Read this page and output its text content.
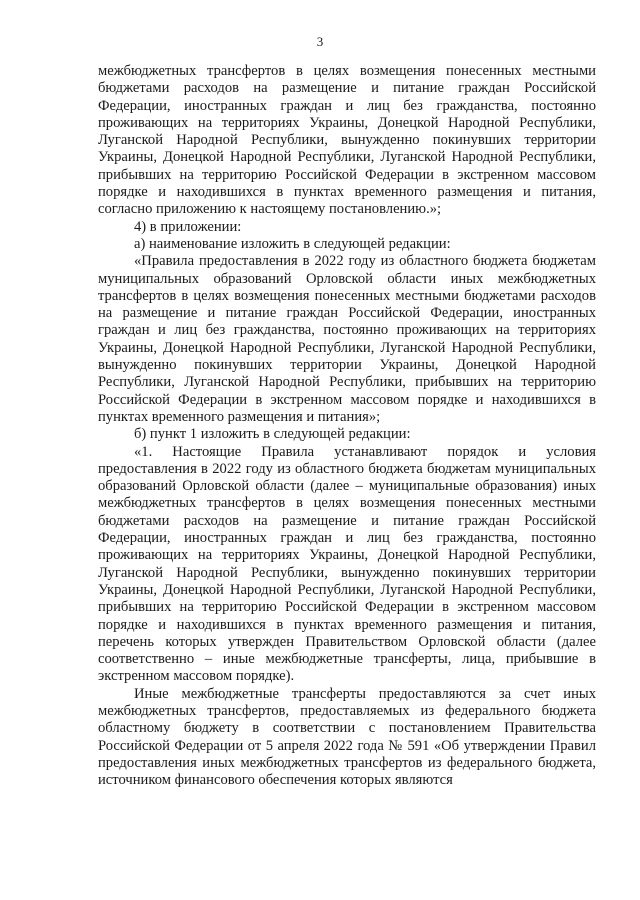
3

межбюджетных трансфертов в целях возмещения понесенных местными бюджетами расходов на размещение и питание граждан Российской Федерации, иностранных граждан и лиц без гражданства, постоянно проживающих на территориях Украины, Донецкой Народной Республики, Луганской Народной Республики, вынужденно покинувших территории Украины, Донецкой Народной Республики, Луганской Народной Республики, прибывших на территорию Российской Федерации в экстренном массовом порядке и находившихся в пунктах временного размещения и питания, согласно приложению к настоящему постановлению.»;

4) в приложении:

а) наименование изложить в следующей редакции:

«Правила предоставления в 2022 году из областного бюджета бюджетам муниципальных образований Орловской области иных межбюджетных трансфертов в целях возмещения понесенных местными бюджетами расходов на размещение и питание граждан Российской Федерации, иностранных граждан и лиц без гражданства, постоянно проживающих на территориях Украины, Донецкой Народной Республики, Луганской Народной Республики, вынужденно покинувших территории Украины, Донецкой Народной Республики, Луганской Народной Республики, прибывших на территорию Российской Федерации в экстренном массовом порядке и находившихся в пунктах временного размещения и питания»;

б) пункт 1 изложить в следующей редакции:

«1. Настоящие Правила устанавливают порядок и условия предоставления в 2022 году из областного бюджета бюджетам муниципальных образований Орловской области (далее – муниципальные образования) иных межбюджетных трансфертов в целях возмещения понесенных местными бюджетами расходов на размещение и питание граждан Российской Федерации, иностранных граждан и лиц без гражданства, постоянно проживающих на территориях Украины, Донецкой Народной Республики, Луганской Народной Республики, вынужденно покинувших территории Украины, Донецкой Народной Республики, Луганской Народной Республики, прибывших на территорию Российской Федерации в экстренном массовом порядке и находившихся в пунктах временного размещения и питания, перечень которых утвержден Правительством Орловской области (далее соответственно – иные межбюджетные трансферты, лица, прибывшие в экстренном массовом порядке).

Иные межбюджетные трансферты предоставляются за счет иных межбюджетных трансфертов, предоставляемых из федерального бюджета областному бюджету в соответствии с постановлением Правительства Российской Федерации от 5 апреля 2022 года № 591 «Об утверждении Правил предоставления иных межбюджетных трансфертов из федерального бюджета, источником финансового обеспечения которых являются
